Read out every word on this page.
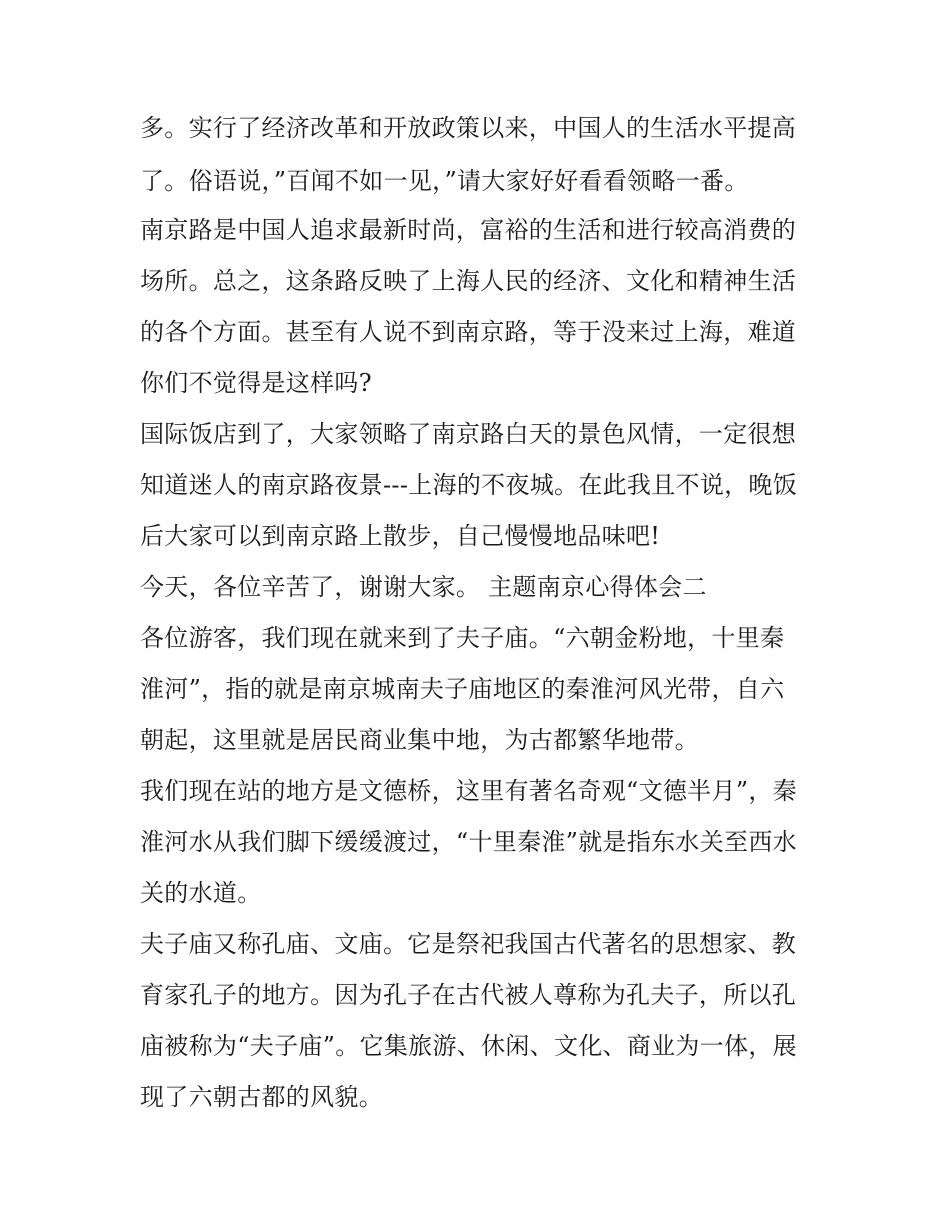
多。实行了经济改革和开放政策以来，中国人的生活水平提高
了。俗语说，”百闻不如一见，”请大家好好看看领略一番。
南京路是中国人追求最新时尚，富裕的生活和进行较高消费的
场所。总之，这条路反映了上海人民的经济、文化和精神生活
的各个方面。甚至有人说不到南京路，等于没来过上海，难道
你们不觉得是这样吗?
国际饭店到了，大家领略了南京路白天的景色风情，一定很想
知道迷人的南京路夜景---上海的不夜城。在此我且不说，晚饭
后大家可以到南京路上散步，自己慢慢地品味吧!
今天，各位辛苦了，谢谢大家。 主题南京心得体会二
各位游客，我们现在就来到了夫子庙。“六朝金粉地，十里秦
淮河”，指的就是南京城南夫子庙地区的秦淮河风光带，自六
朝起，这里就是居民商业集中地，为古都繁华地带。
我们现在站的地方是文德桥，这里有著名奇观“文德半月”，秦
淮河水从我们脚下缓缓渡过，“十里秦淮”就是指东水关至西水
关的水道。
夫子庙又称孔庙、文庙。它是祭祀我国古代著名的思想家、教
育家孔子的地方。因为孔子在古代被人尊称为孔夫子，所以孔
庙被称为“夫子庙”。它集旅游、休闲、文化、商业为一体，展
现了六朝古都的风貌。
